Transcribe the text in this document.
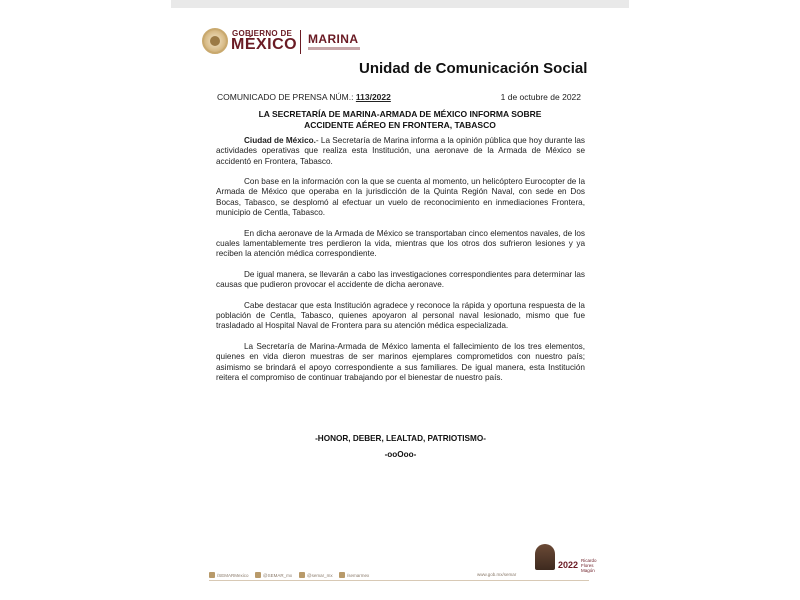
GOBIERNO DE
MÉXICO MARINA
Unidad de Comunicación Social
COMUNICADO DE PRENSA NÚM.: 113/2022	1 de octubre de 2022
LA SECRETARÍA DE MARINA-ARMADA DE MÉXICO INFORMA SOBRE ACCIDENTE AÉREO EN FRONTERA, TABASCO

Ciudad de México.- La Secretaría de Marina informa a la opinión pública que hoy durante las actividades operativas que realiza esta Institución, una aeronave de la Armada de México se accidentó en Frontera, Tabasco.

Con base en la información con la que se cuenta al momento, un helicóptero Eurocopter de la Armada de México que operaba en la jurisdicción de la Quinta Región Naval, con sede en Dos Bocas, Tabasco, se desplomó al efectuar un vuelo de reconocimiento en inmediaciones Frontera, municipio de Centla, Tabasco.

En dicha aeronave de la Armada de México se transportaban cinco elementos navales, de los cuales lamentablemente tres perdieron la vida, mientras que los otros dos sufrieron lesiones y ya reciben la atención médica correspondiente.

De igual manera, se llevarán a cabo las investigaciones correspondientes para determinar las causas que pudieron provocar el accidente de dicha aeronave.

Cabe destacar que esta Institución agradece y reconoce la rápida y oportuna respuesta de la población de Centla, Tabasco, quienes apoyaron al personal naval lesionado, mismo que fue trasladado al Hospital Naval de Frontera para su atención médica especializada.

La Secretaría de Marina-Armada de México lamenta el fallecimiento de los tres elementos, quienes en vida dieron muestras de ser marinos ejemplares comprometidos con nuestro país; asimismo se brindará el apoyo correspondiente a sus familiares. De igual manera, esta Institución reitera el compromiso de continuar trabajando por el bienestar de nuestro país.

-HONOR, DEBER, LEALTAD, PATRIOTISMO-
-ooOoo-
/SEMARMexico	@SEMAR_mx	@semar_mx	/semarmex	www.gob.mx/semar
2022 Ricardo Flores Magón
